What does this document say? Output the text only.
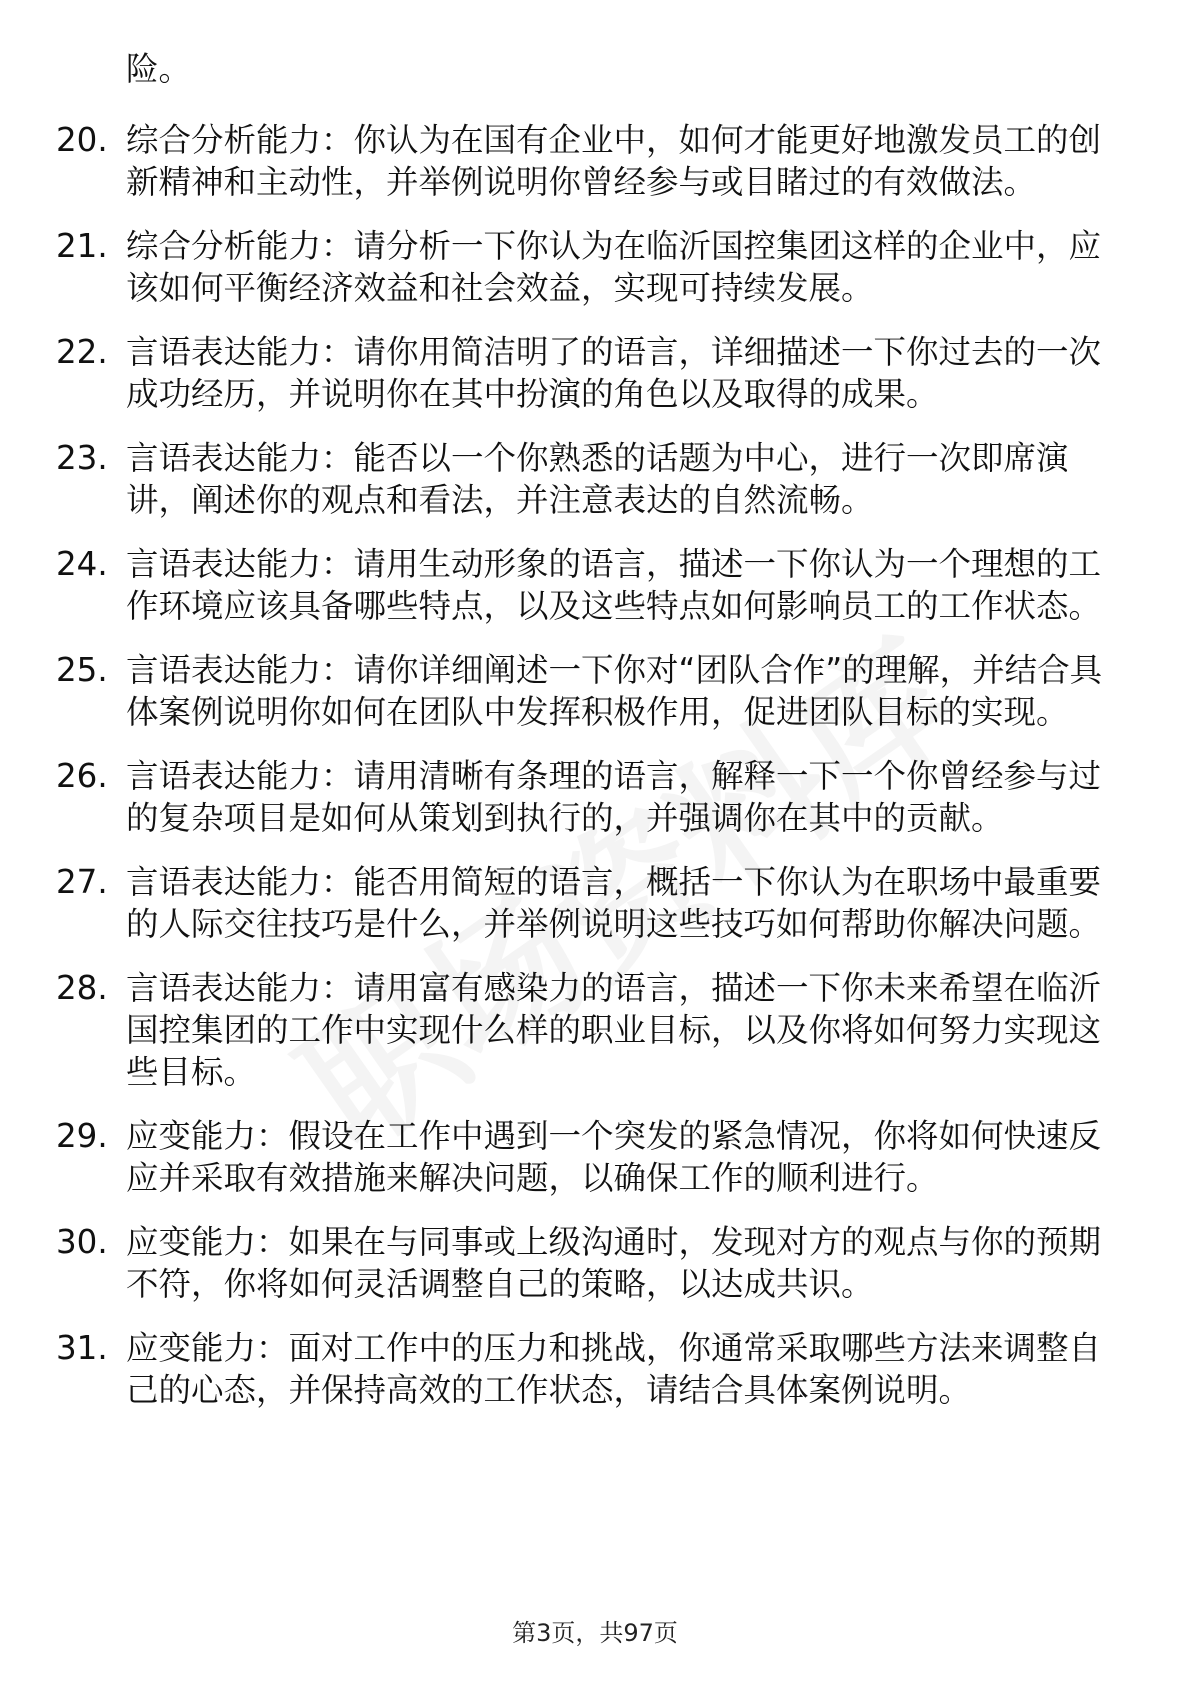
险。

20. 综合分析能力：你认为在国有企业中，如何才能更好地激发员工的创新精神和主动性，并举例说明你曾经参与或目睹过的有效做法。
21. 综合分析能力：请分析一下你认为在临沂国控集团这样的企业中，应该如何平衡经济效益和社会效益，实现可持续发展。
22. 言语表达能力：请你用简洁明了的语言，详细描述一下你过去的一次成功经历，并说明你在其中扮演的角色以及取得的成果。
23. 言语表达能力：能否以一个你熟悉的话题为中心，进行一次即席演讲，阐述你的观点和看法，并注意表达的自然流畅。
24. 言语表达能力：请用生动形象的语言，描述一下你认为一个理想的工作环境应该具备哪些特点，以及这些特点如何影响员工的工作状态。
25. 言语表达能力：请你详细阐述一下你对“团队合作”的理解，并结合具体案例说明你如何在团队中发挥积极作用，促进团队目标的实现。
26. 言语表达能力：请用清晰有条理的语言，解释一下一个你曾经参与过的复杂项目是如何从策划到执行的，并强调你在其中的贡献。
27. 言语表达能力：能否用简短的语言，概括一下你认为在职场中最重要的人际交往技巧是什么，并举例说明这些技巧如何帮助你解决问题。
28. 言语表达能力：请用富有感染力的语言，描述一下你未来希望在临沂国控集团的工作中实现什么样的职业目标，以及你将如何努力实现这些目标。
29. 应变能力：假设在工作中遇到一个突发的紧急情况，你将如何快速反应并采取有效措施来解决问题，以确保工作的顺利进行。
30. 应变能力：如果在与同事或上级沟通时，发现对方的观点与你的预期不符，你将如何灵活调整自己的策略，以达成共识。
31. 应变能力：面对工作中的压力和挑战，你通常采取哪些方法来调整自己的心态，并保持高效的工作状态，请结合具体案例说明。
第3页，共97页
